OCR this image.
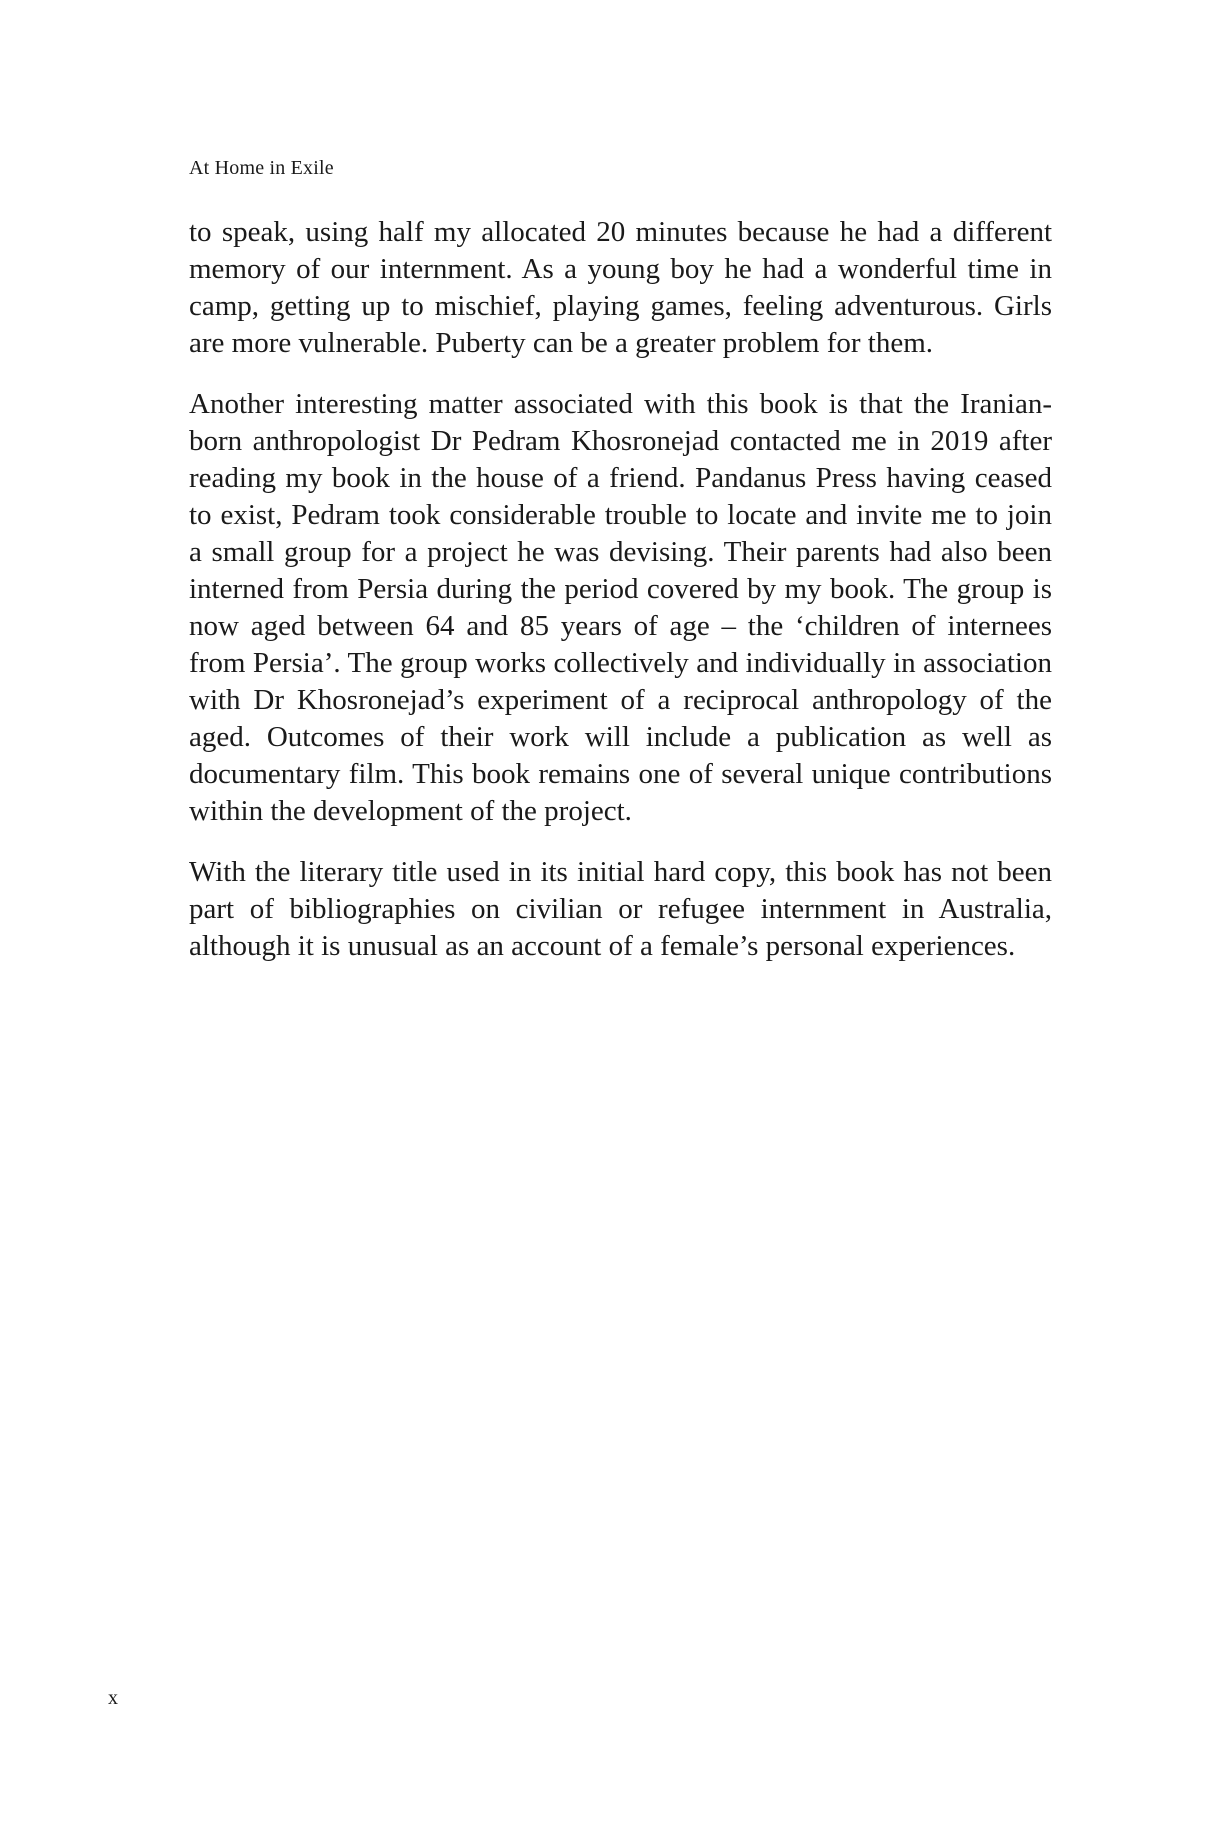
At Home in Exile

to speak, using half my allocated 20 minutes because he had a different memory of our internment. As a young boy he had a wonderful time in camp, getting up to mischief, playing games, feeling adventurous. Girls are more vulnerable. Puberty can be a greater problem for them.

Another interesting matter associated with this book is that the Iranian-born anthropologist Dr Pedram Khosronejad contacted me in 2019 after reading my book in the house of a friend. Pandanus Press having ceased to exist, Pedram took considerable trouble to locate and invite me to join a small group for a project he was devising. Their parents had also been interned from Persia during the period covered by my book. The group is now aged between 64 and 85 years of age – the ‘children of internees from Persia’. The group works collectively and individually in association with Dr Khosronejad’s experiment of a reciprocal anthropology of the aged. Outcomes of their work will include a publication as well as documentary film. This book remains one of several unique contributions within the development of the project.

With the literary title used in its initial hard copy, this book has not been part of bibliographies on civilian or refugee internment in Australia, although it is unusual as an account of a female’s personal experiences.

x
